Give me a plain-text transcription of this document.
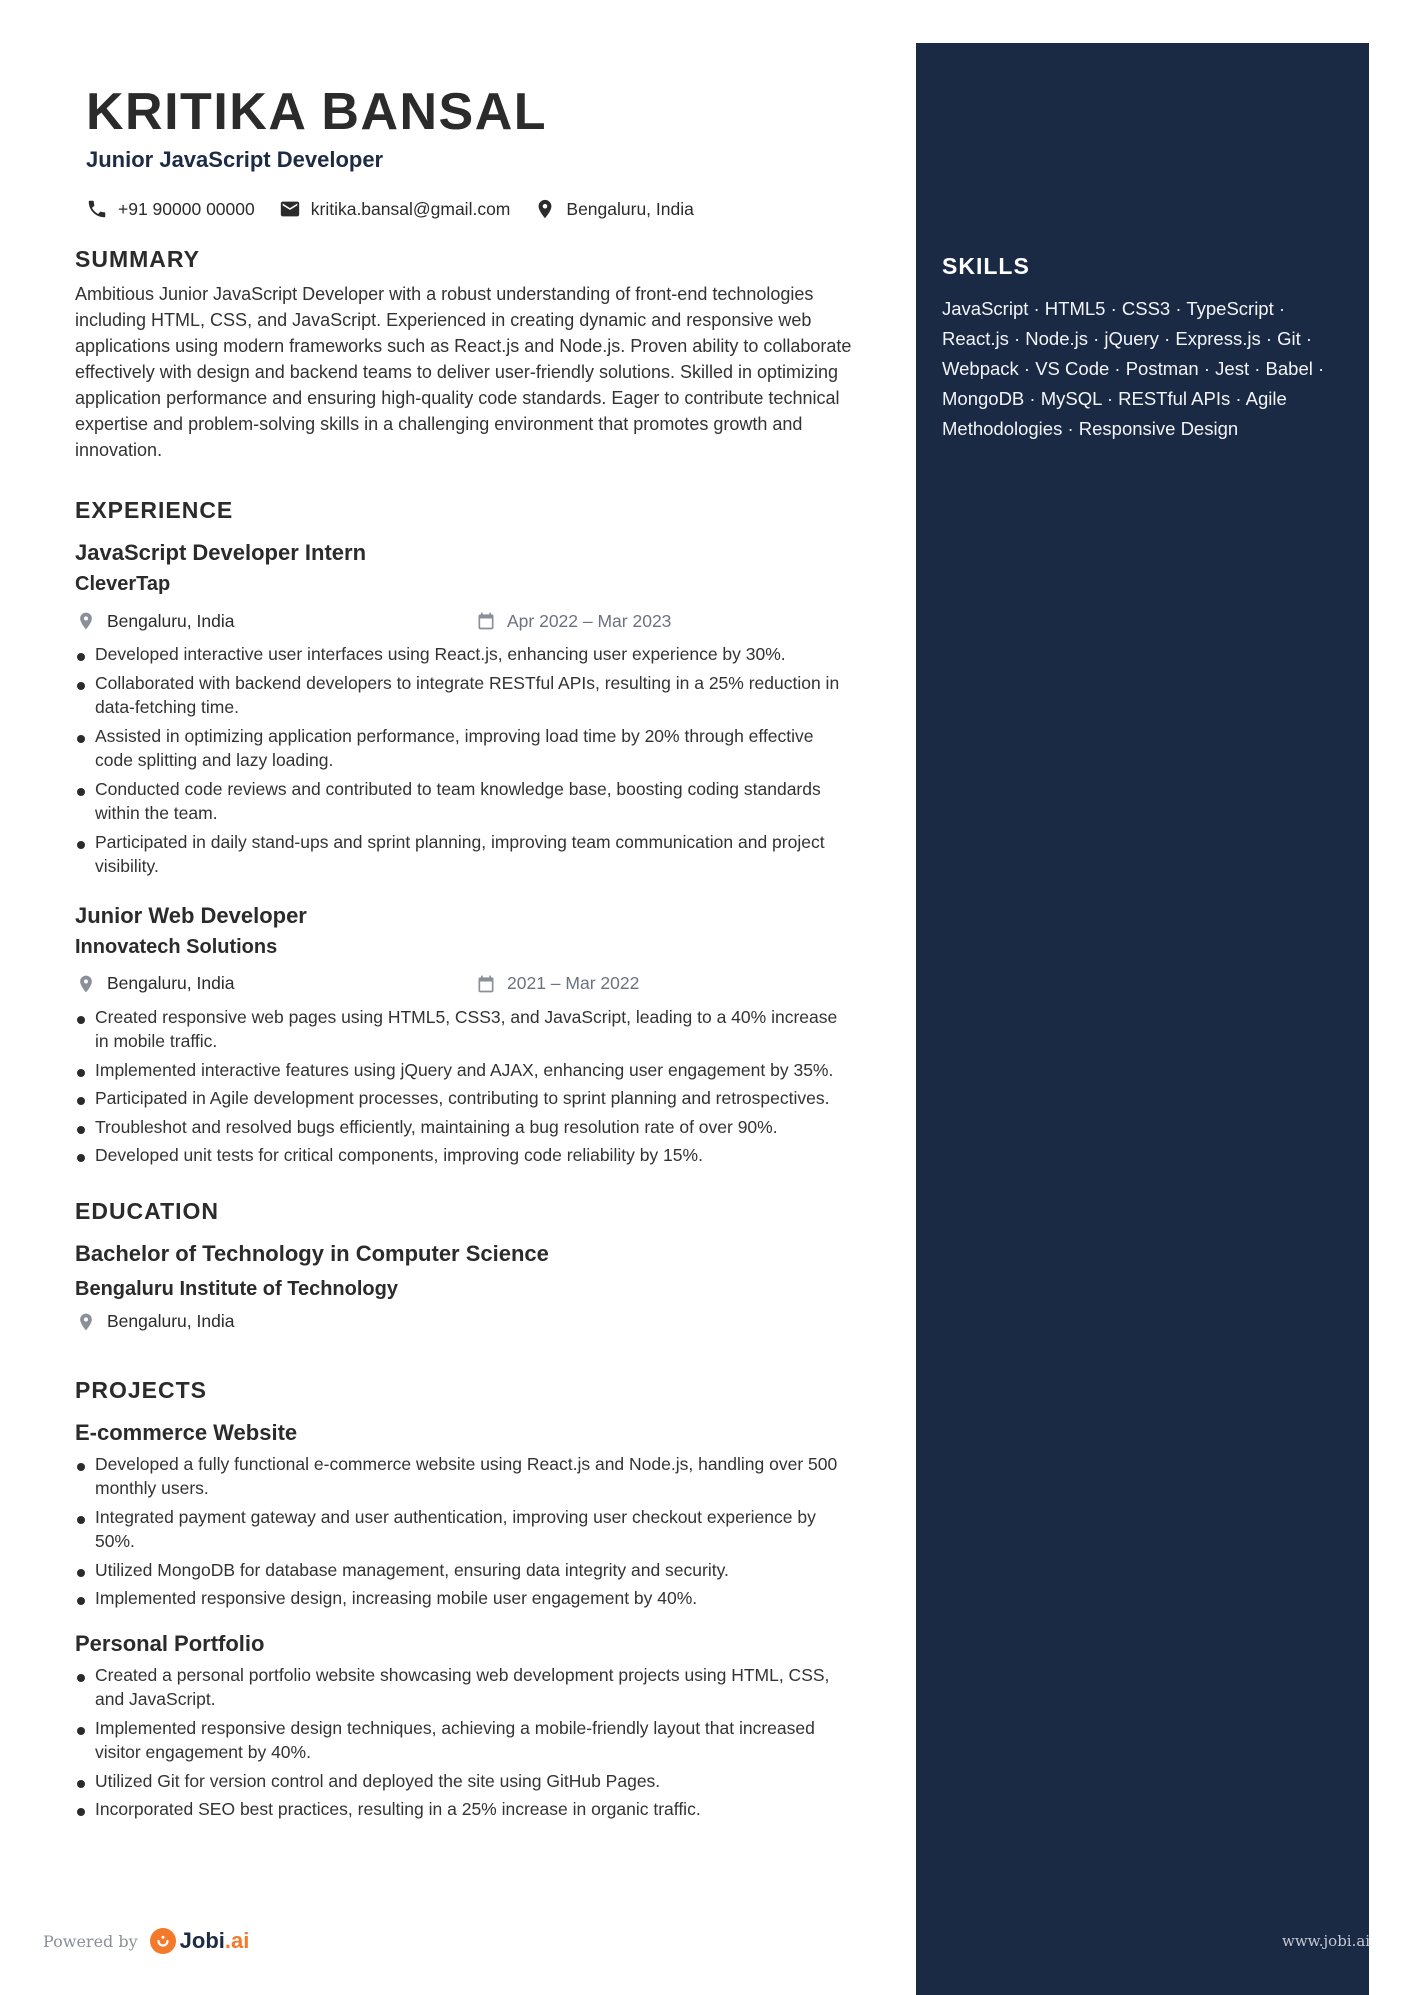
SKILLS
JavaScript · HTML5 · CSS3 · TypeScript · React.js · Node.js · jQuery · Express.js · Git · Webpack · VS Code · Postman · Jest · Babel · MongoDB · MySQL · RESTful APIs · Agile Methodologies · Responsive Design
KRITIKA BANSAL
Junior JavaScript Developer
+91 90000 00000	kritika.bansal@gmail.com	Bengaluru, India
SUMMARY

Ambitious Junior JavaScript Developer with a robust understanding of front-end technologies including HTML, CSS, and JavaScript. Experienced in creating dynamic and responsive web applications using modern frameworks such as React.js and Node.js. Proven ability to collaborate effectively with design and backend teams to deliver user-friendly solutions. Skilled in optimizing application performance and ensuring high-quality code standards. Eager to contribute technical expertise and problem-solving skills in a challenging environment that promotes growth and innovation.

EXPERIENCE
JavaScript Developer Intern
CleverTap
Bengaluru, India	Apr 2022 – Mar 2023
Developed interactive user interfaces using React.js, enhancing user experience by 30%.
Collaborated with backend developers to integrate RESTful APIs, resulting in a 25% reduction in data-fetching time.
Assisted in optimizing application performance, improving load time by 20% through effective code splitting and lazy loading.
Conducted code reviews and contributed to team knowledge base, boosting coding standards within the team.
Participated in daily stand-ups and sprint planning, improving team communication and project visibility.
Junior Web Developer
Innovatech Solutions
Bengaluru, India	2021 – Mar 2022
Created responsive web pages using HTML5, CSS3, and JavaScript, leading to a 40% increase in mobile traffic.
Implemented interactive features using jQuery and AJAX, enhancing user engagement by 35%.
Participated in Agile development processes, contributing to sprint planning and retrospectives.
Troubleshot and resolved bugs efficiently, maintaining a bug resolution rate of over 90%.
Developed unit tests for critical components, improving code reliability by 15%.
EDUCATION
Bachelor of Technology in Computer Science
Bengaluru Institute of Technology
Bengaluru, India
PROJECTS
E-commerce Website
Developed a fully functional e-commerce website using React.js and Node.js, handling over 500 monthly users.
Integrated payment gateway and user authentication, improving user checkout experience by 50%.
Utilized MongoDB for database management, ensuring data integrity and security.
Implemented responsive design, increasing mobile user engagement by 40%.
Personal Portfolio
Created a personal portfolio website showcasing web development projects using HTML, CSS, and JavaScript.
Implemented responsive design techniques, achieving a mobile-friendly layout that increased visitor engagement by 40%.
Utilized Git for version control and deployed the site using GitHub Pages.
Incorporated SEO best practices, resulting in a 25% increase in organic traffic.
Powered by Jobi.ai	www.jobi.ai
